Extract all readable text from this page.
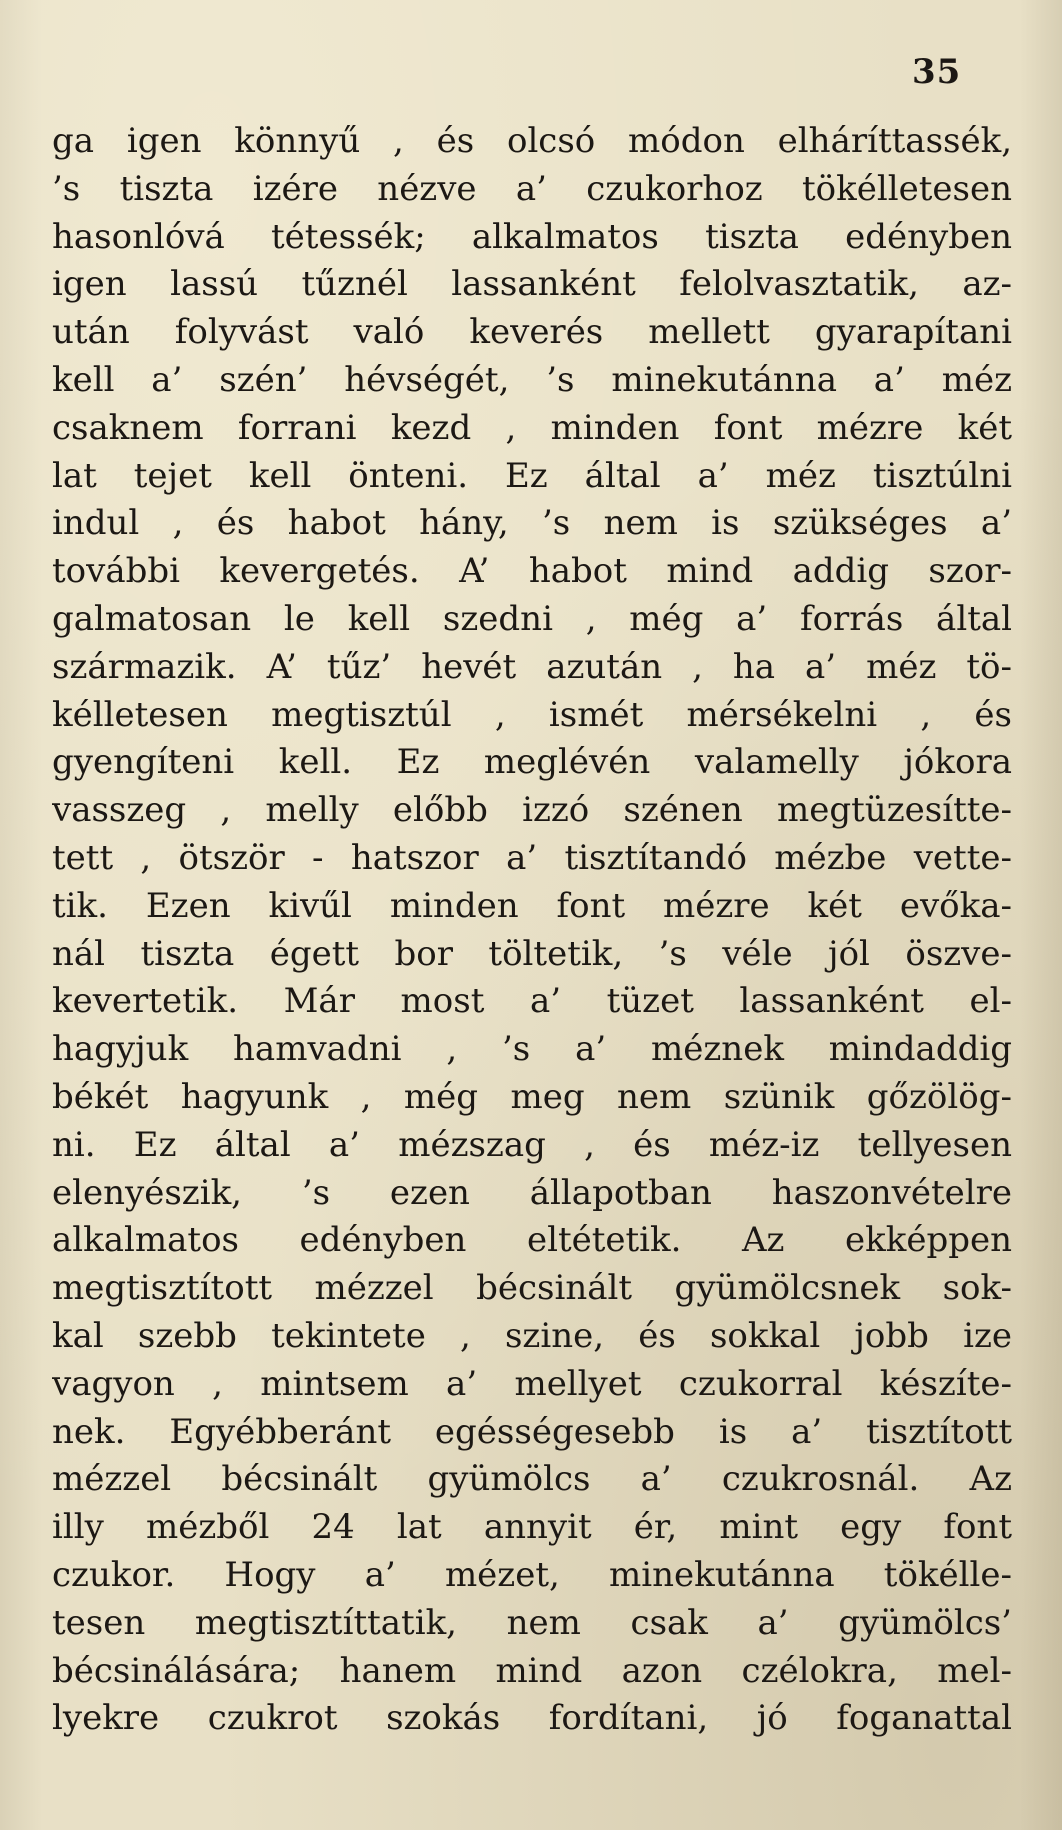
35
ga igen könnyű , és olcsó módon elháríttassék,
’s tiszta izére nézve a’ czukorhoz tökélletesen
hasonlóvá tétessék; alkalmatos tiszta edényben
igen lassú tűznél lassanként felolvasztatik, az-
után folyvást való keverés mellett gyarapítani
kell a’ szén’ hévségét, ’s minekutánna a’ méz
csaknem forrani kezd , minden font mézre két
lat tejet kell önteni. Ez által a’ méz tisztúlni
indul , és habot hány, ’s nem is szükséges a’
további kevergetés. A’ habot mind addig szor-
galmatosan le kell szedni , még a’ forrás által
származik. A’ tűz’ hevét azután , ha a’ méz tö-
kélletesen megtisztúl , ismét mérsékelni , és
gyengíteni kell. Ez meglévén valamelly jókora
vasszeg , melly előbb izzó szénen megtüzesítte-
tett , ötször - hatszor a’ tisztítandó mézbe vette-
tik. Ezen kivűl minden font mézre két evőka-
nál tiszta égett bor töltetik, ’s véle jól öszve-
kevertetik. Már most a’ tüzet lassanként el-
hagyjuk hamvadni , ’s a’ méznek mindaddig
békét hagyunk , még meg nem szünik gőzölög-
ni. Ez által a’ mézszag , és méz-iz tellyesen
elenyészik, ’s ezen állapotban haszonvételre
alkalmatos edényben eltétetik. Az ekképpen
megtisztított mézzel bécsinált gyümölcsnek sok-
kal szebb tekintete , szine, és sokkal jobb ize
vagyon , mintsem a’ mellyet czukorral készíte-
nek. Egyébberánt egésségesebb is a’ tisztított
mézzel bécsinált gyümölcs a’ czukrosnál. Az
illy mézből 24 lat annyit ér, mint egy font
czukor. Hogy a’ mézet, minekutánna tökélle-
tesen megtisztíttatik, nem csak a’ gyümölcs’
bécsinálására; hanem mind azon czélokra, mel-
lyekre czukrot szokás fordítani, jó foganattal
